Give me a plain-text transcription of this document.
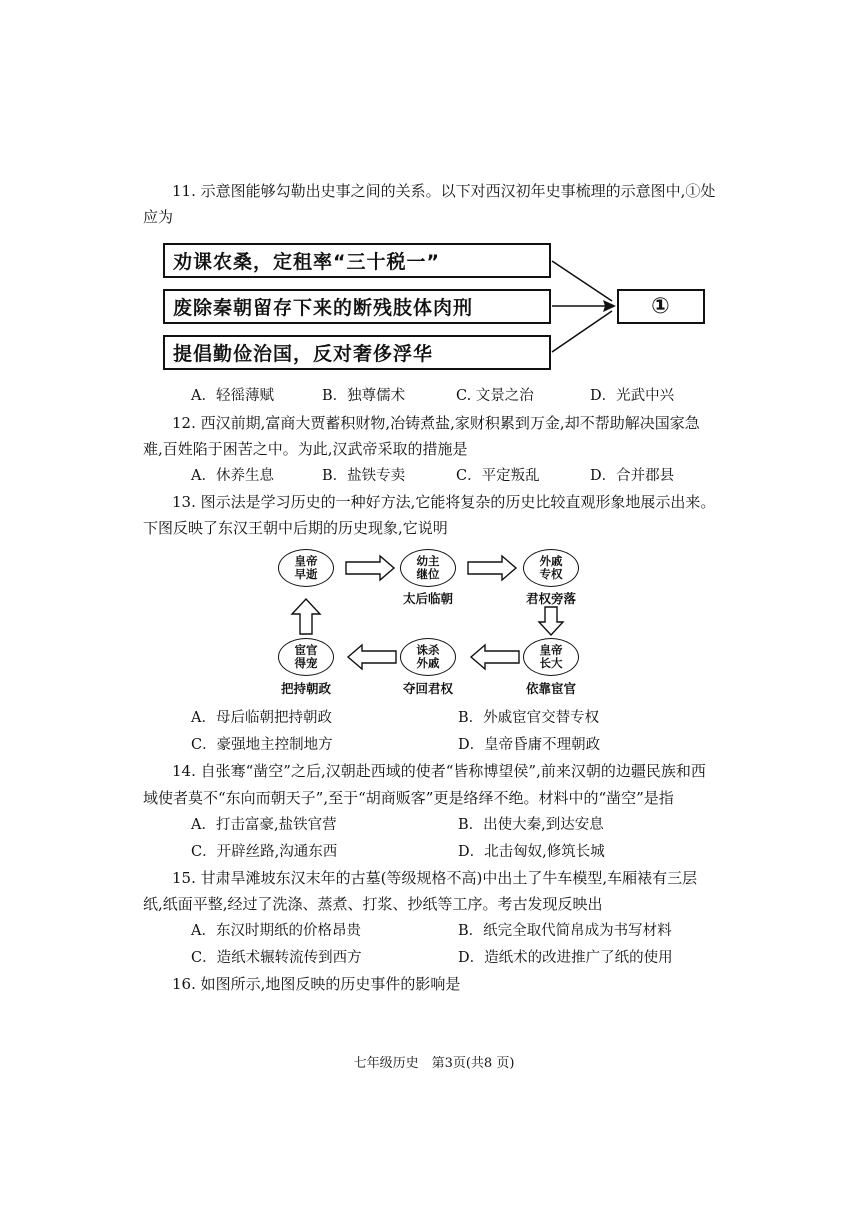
11. 示意图能够勾勒出史事之间的关系。以下对西汉初年史事梳理的示意图中,①处
应为
劝课农桑，定租率“三十税一”
废除秦朝留存下来的断残肢体肉刑
提倡勤俭治国，反对奢侈浮华
①
A．轻徭薄赋	B．独尊儒术	C. 文景之治	D．光武中兴
12. 西汉前期,富商大贾蓄积财物,冶铸煮盐,家财积累到万金,却不帮助解决国家急
难,百姓陷于困苦之中。为此,汉武帝采取的措施是
A．休养生息	B．盐铁专卖	C．平定叛乱	D．合并郡县
13. 图示法是学习历史的一种好方法,它能将复杂的历史比较直观形象地展示出来。
下图反映了东汉王朝中后期的历史现象,它说明
皇帝
早逝
幼主
继位
外戚
专权
皇帝
长大
诛杀
外戚
宦官
得宠
太后临朝	君权旁落
依靠宦官
夺回君权
把持朝政
A．母后临朝把持朝政	B．外戚宦官交替专权
C．豪强地主控制地方	D．皇帝昏庸不理朝政
14. 自张骞“凿空”之后,汉朝赴西域的使者“皆称博望侯”,前来汉朝的边疆民族和西
域使者莫不“东向而朝天子”,至于“胡商贩客”更是络绎不绝。材料中的“凿空”是指
A．打击富豪,盐铁官营	B．出使大秦,到达安息
C．开辟丝路,沟通东西	D．北击匈奴,修筑长城
15. 甘肃旱滩坡东汉末年的古墓(等级规格不高)中出土了牛车模型,车厢裱有三层
纸,纸面平整,经过了洗涤、蒸煮、打浆、抄纸等工序。考古发现反映出
A．东汉时期纸的价格昂贵	B．纸完全取代简帛成为书写材料
C．造纸术辗转流传到西方	D．造纸术的改进推广了纸的使用
16. 如图所示,地图反映的历史事件的影响是
七年级历史　第3页(共8 页)
